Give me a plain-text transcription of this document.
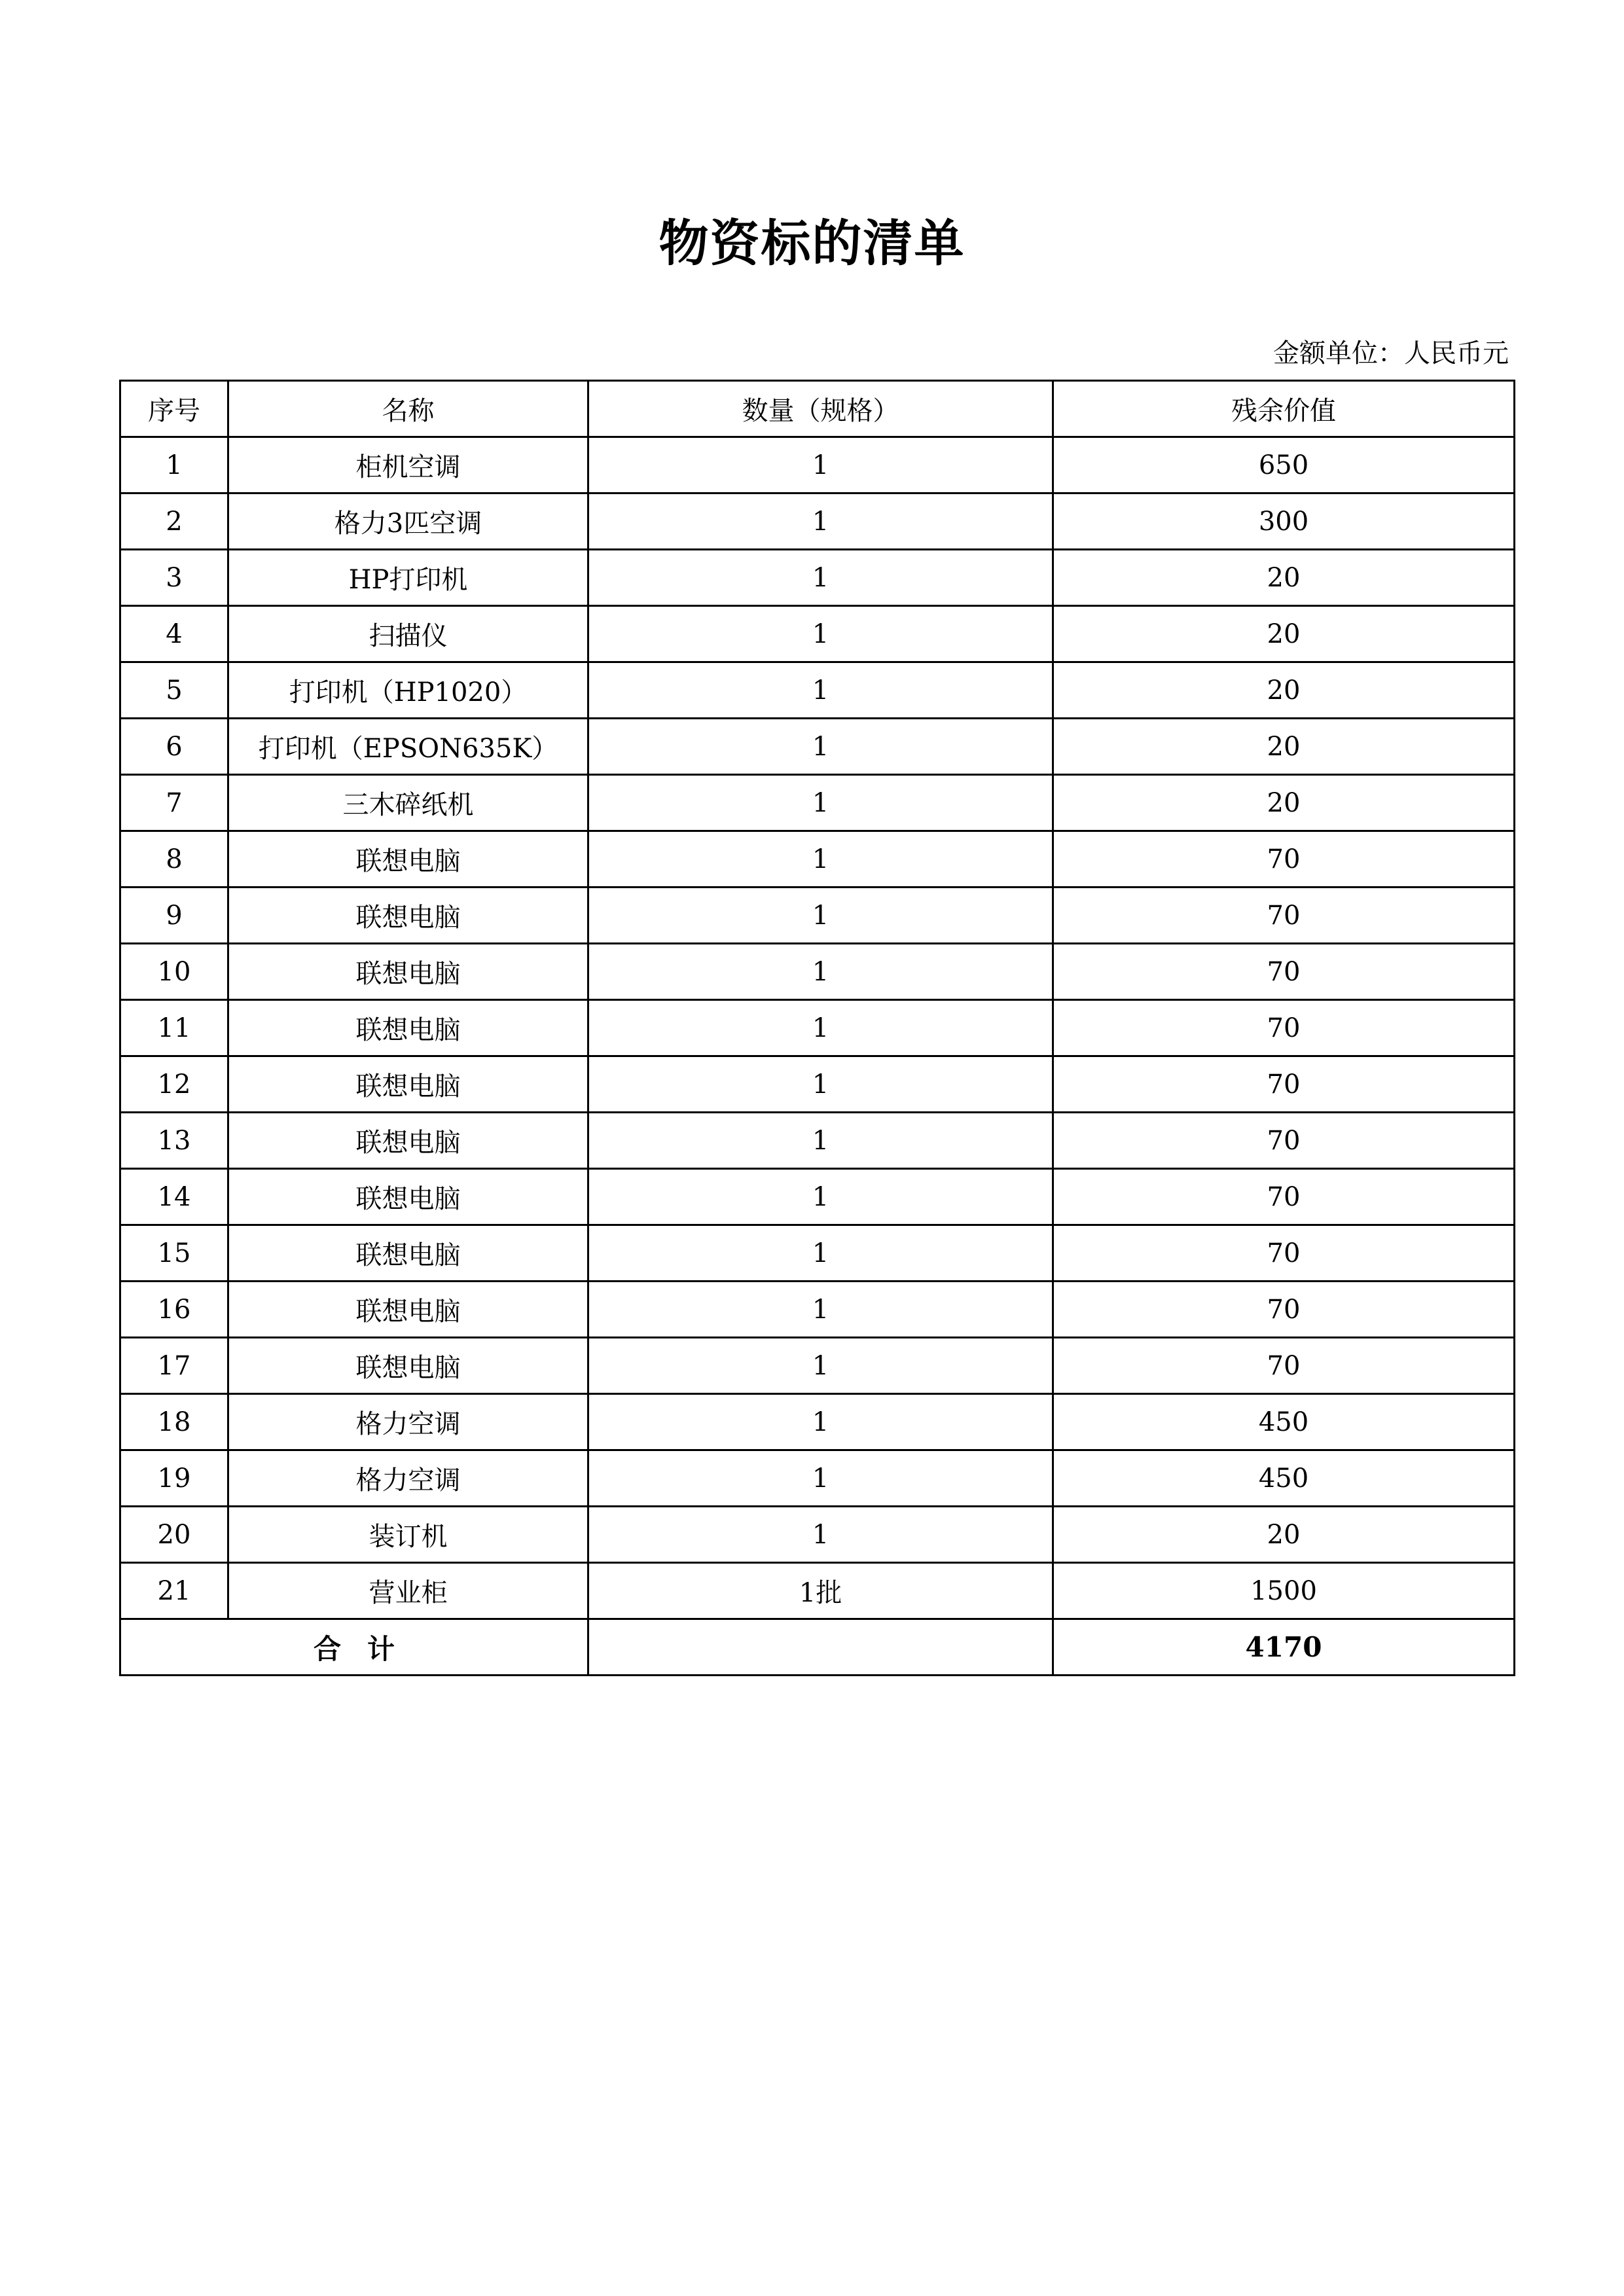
物资标的清单
金额单位：人民币元
序号	名称	数量（规格）	残余价值
1	柜机空调	1	650
2	格力3匹空调	1	300
3	HP打印机	1	20
4	扫描仪	1	20
5	打印机（HP1020）	1	20
6	打印机（EPSON635K）	1	20
7	三木碎纸机	1	20
8	联想电脑	1	70
9	联想电脑	1	70
10	联想电脑	1	70
11	联想电脑	1	70
12	联想电脑	1	70
13	联想电脑	1	70
14	联想电脑	1	70
15	联想电脑	1	70
16	联想电脑	1	70
17	联想电脑	1	70
18	格力空调	1	450
19	格力空调	1	450
20	装订机	1	20
21	营业柜	1批	1500
合计			4170
